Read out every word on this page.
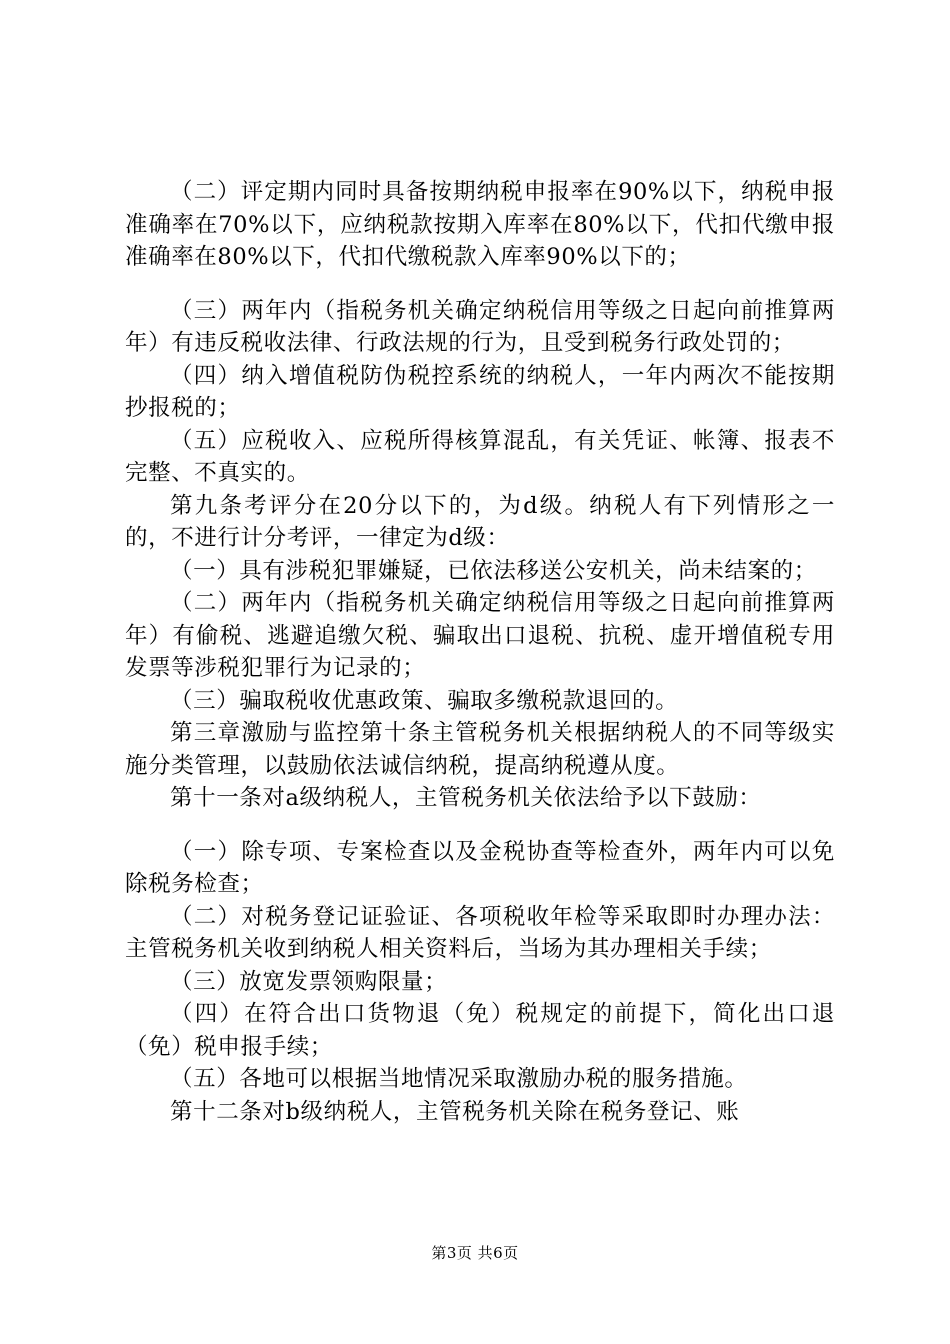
（二）评定期内同时具备按期纳税申报率在90%以下，纳税申报准确率在70%以下，应纳税款按期入库率在80%以下，代扣代缴申报准确率在80%以下，代扣代缴税款入库率90%以下的；

（三）两年内（指税务机关确定纳税信用等级之日起向前推算两年）有违反税收法律、行政法规的行为，且受到税务行政处罚的；

（四）纳入增值税防伪税控系统的纳税人，一年内两次不能按期抄报税的；

（五）应税收入、应税所得核算混乱，有关凭证、帐簿、报表不完整、不真实的。

第九条考评分在20分以下的，为d级。纳税人有下列情形之一的，不进行计分考评，一律定为d级：

（一）具有涉税犯罪嫌疑，已依法移送公安机关，尚未结案的；

（二）两年内（指税务机关确定纳税信用等级之日起向前推算两年）有偷税、逃避追缴欠税、骗取出口退税、抗税、虚开增值税专用发票等涉税犯罪行为记录的；

（三）骗取税收优惠政策、骗取多缴税款退回的。

第三章激励与监控第十条主管税务机关根据纳税人的不同等级实施分类管理，以鼓励依法诚信纳税，提高纳税遵从度。

第十一条对a级纳税人，主管税务机关依法给予以下鼓励：

（一）除专项、专案检查以及金税协查等检查外，两年内可以免除税务检查；

（二）对税务登记证验证、各项税收年检等采取即时办理办法：主管税务机关收到纳税人相关资料后，当场为其办理相关手续；

（三）放宽发票领购限量；

（四）在符合出口货物退（免）税规定的前提下，简化出口退（免）税申报手续；

（五）各地可以根据当地情况采取激励办税的服务措施。

第十二条对b级纳税人，主管税务机关除在税务登记、账

第3页 共6页
